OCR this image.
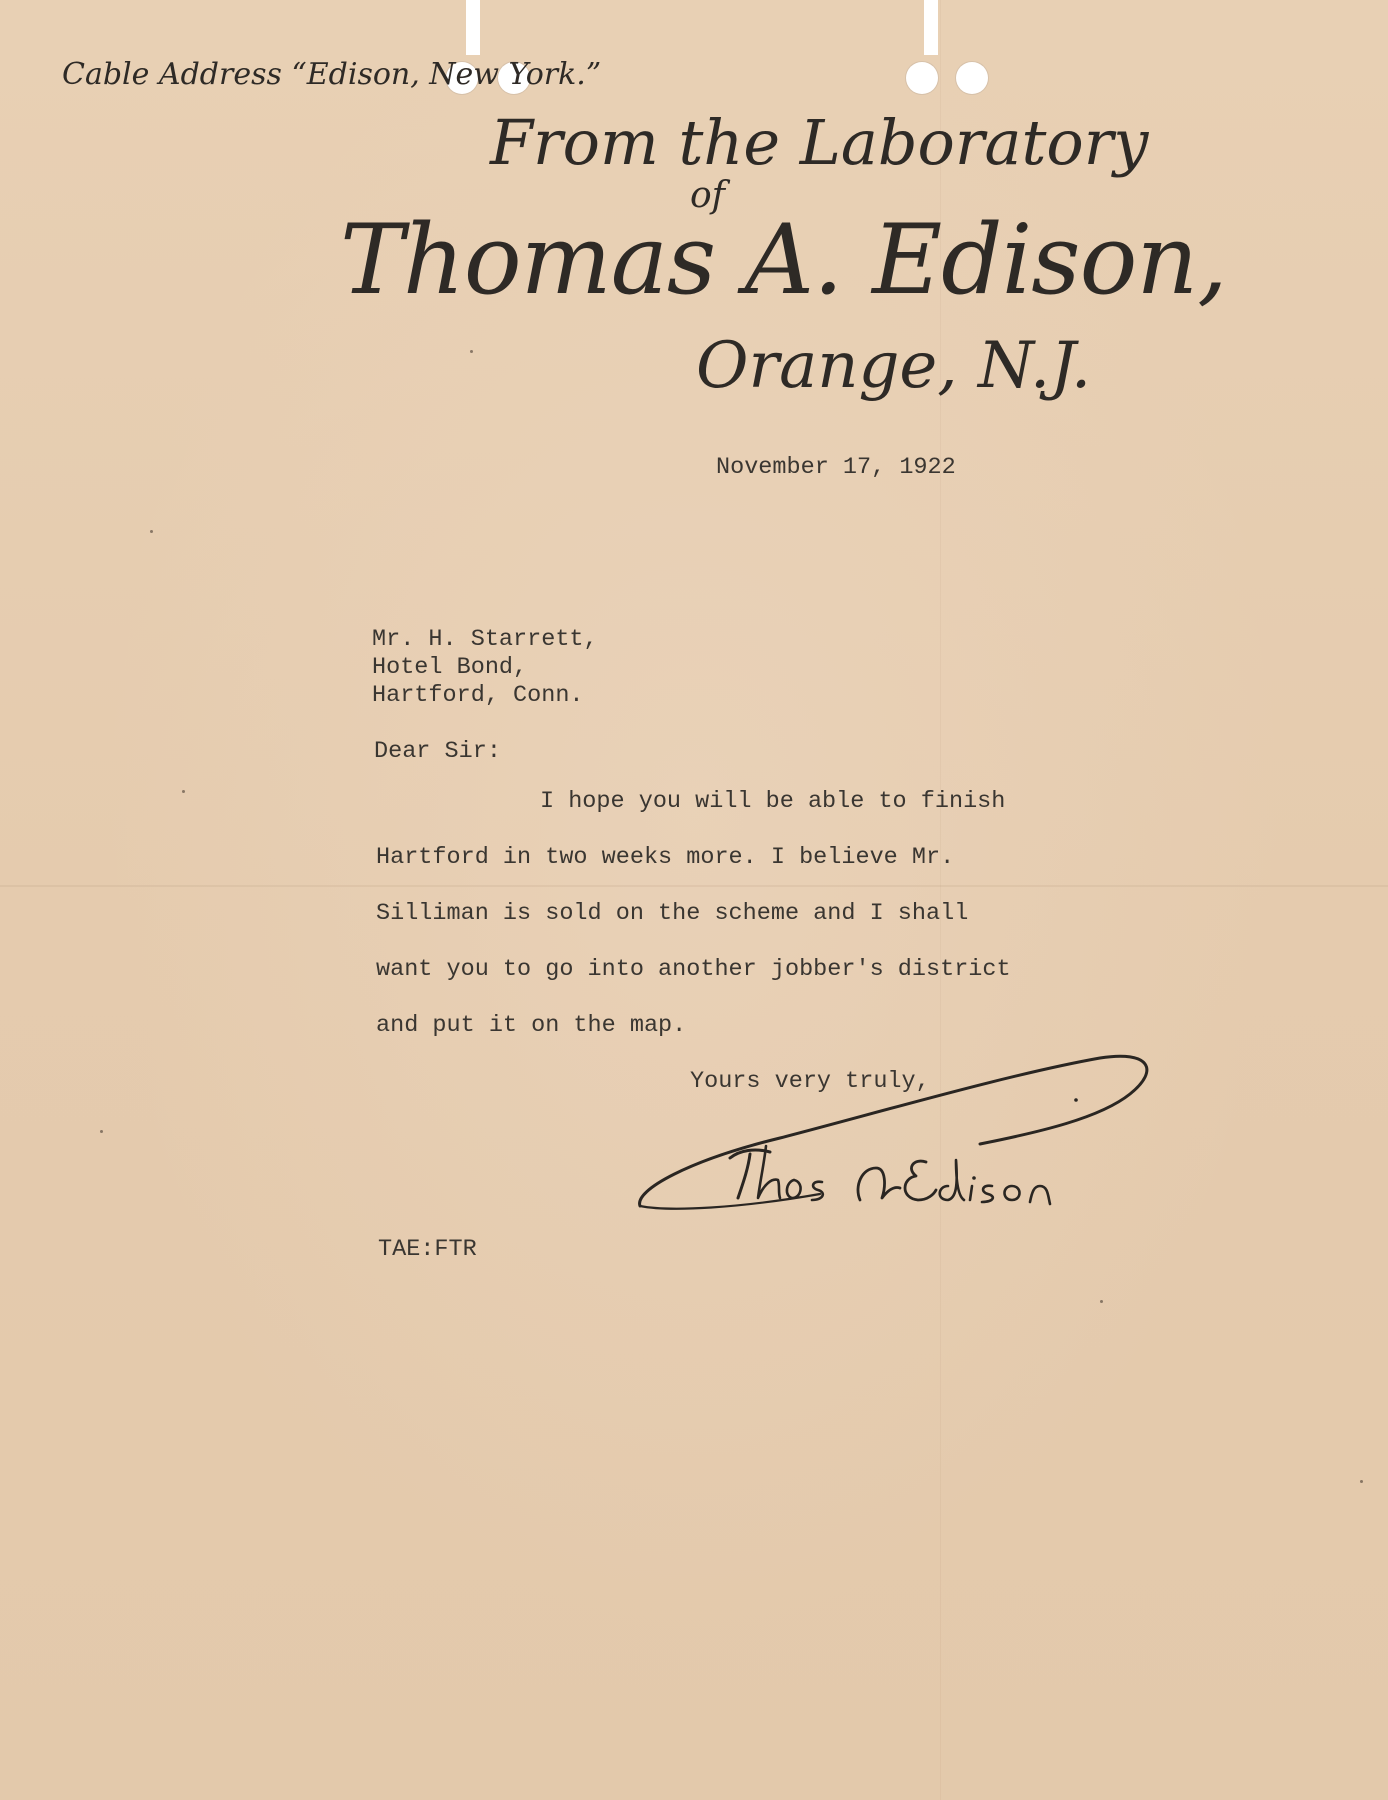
Cable Address “Edison, New York.”
From the Laboratory
of
Thomas A. Edison,
Orange, N.J.
November 17, 1922
Mr. H. Starrett,
Hotel Bond,
Hartford, Conn.
Dear Sir:
I hope you will be able to finish
Hartford in two weeks more. I believe Mr.
Silliman is sold on the scheme and I shall
want you to go into another jobber's district
and put it on the map.
Yours very truly,
TAE:FTR
